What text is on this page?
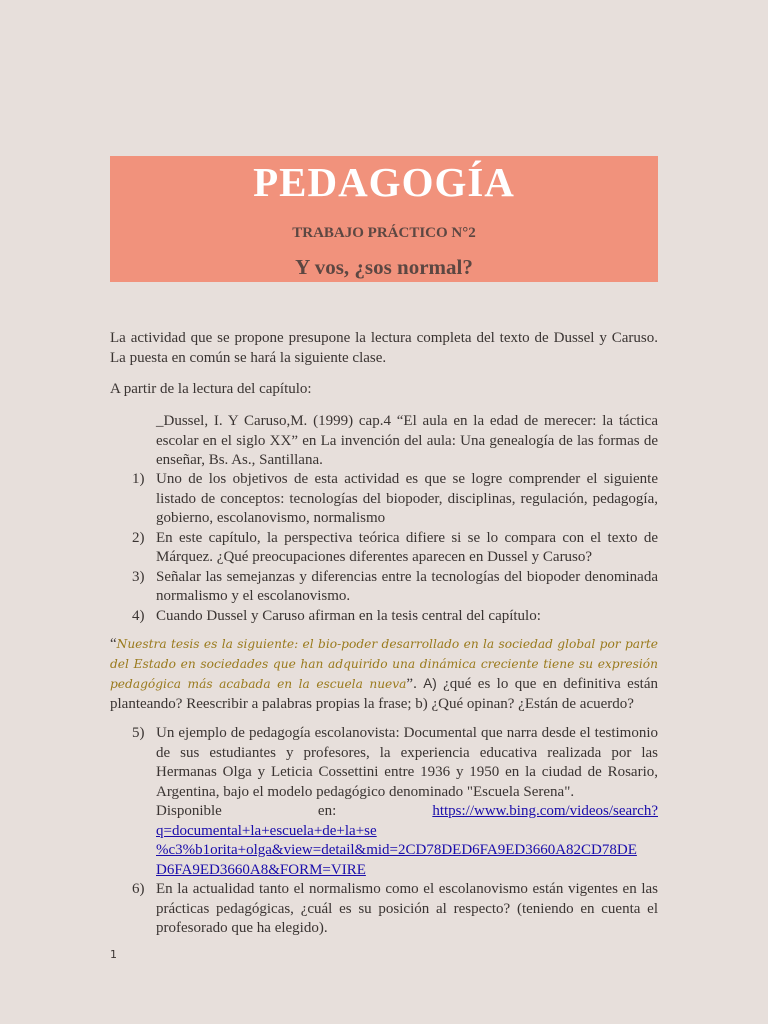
PEDAGOGÍA
TRABAJO PRÁCTICO N°2
Y vos, ¿sos normal?
La actividad que se propone presupone la lectura completa del texto de Dussel y Caruso. La puesta en común se hará la siguiente clase.
A partir de la lectura del capítulo:
_Dussel, I. Y Caruso,M. (1999) cap.4 “El aula en la edad de merecer: la táctica escolar en el siglo XX” en La invención del aula: Una genealogía de las formas de enseñar, Bs. As., Santillana.
1) Uno de los objetivos de esta actividad es que se logre comprender el siguiente listado de conceptos: tecnologías del biopoder, disciplinas, regulación, pedagogía, gobierno, escolanovismo, normalismo
2) En este capítulo, la perspectiva teórica difiere si se lo compara con el texto de Márquez. ¿Qué preocupaciones diferentes aparecen en Dussel y Caruso?
3) Señalar las semejanzas y diferencias entre la tecnologías del biopoder denominada normalismo y el escolanovismo.
4) Cuando Dussel y Caruso afirman en la tesis central del capítulo:
“Nuestra tesis es la siguiente: el bio-poder desarrollado en la sociedad global por parte del Estado en sociedades que han adquirido una dinámica creciente tiene su expresión pedagógica más acabada en la escuela nueva”. A) ¿qué es lo que en definitiva están planteando? Reescribir a palabras propias la frase; b) ¿Qué opinan? ¿Están de acuerdo?
5) Un ejemplo de pedagogía escolanovista: Documental que narra desde el testimonio de sus estudiantes y profesores, la experiencia educativa realizada por las Hermanas Olga y Leticia Cossettini entre 1936 y 1950 en la ciudad de Rosario, Argentina, bajo el modelo pedagógico denominado "Escuela Serena".
Disponible	en:	https://www.bing.com/videos/search?
q=documental+la+escuela+de+la+se
%c3%b1orita+olga&view=detail&mid=2CD78DED6FA9ED3660A82CD78DE
D6FA9ED3660A8&FORM=VIRE
6) En la actualidad tanto el normalismo como el escolanovismo están vigentes en las prácticas pedagógicas, ¿cuál es su posición al respecto? (teniendo en cuenta el profesorado que ha elegido).
1
